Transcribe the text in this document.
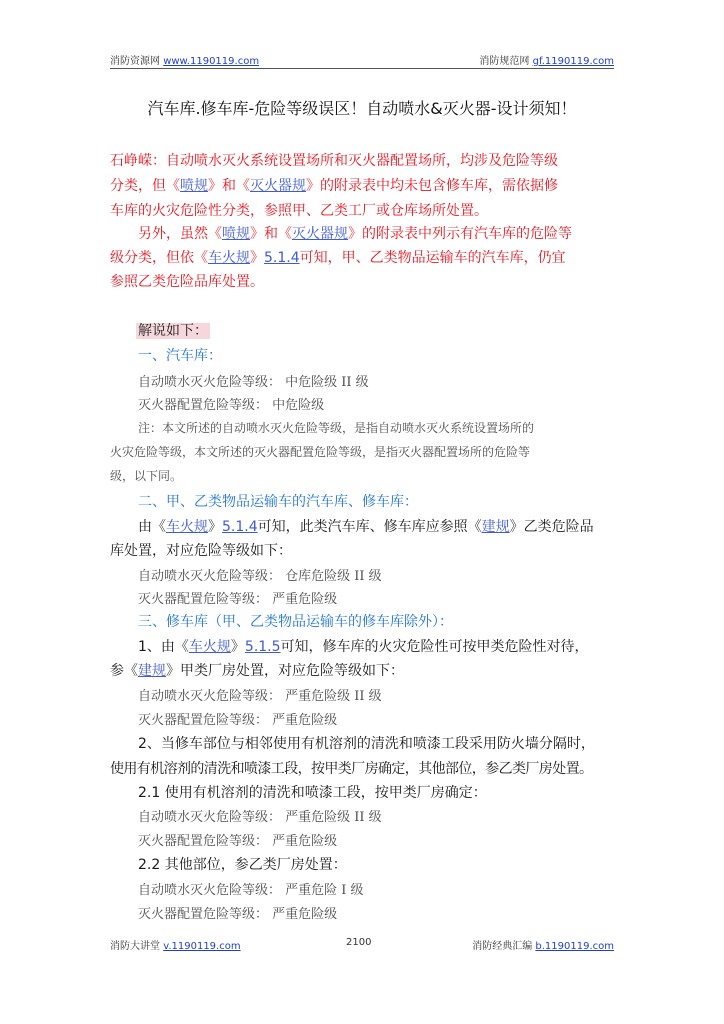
消防资源网 www.1190119.com	消防规范网 gf.1190119.com
汽车库.修车库-危险等级误区！自动喷水&灭火器-设计须知！
石峥嵘：自动喷水灭火系统设置场所和灭火器配置场所，均涉及危险等级
分类，但《喷规》和《灭火器规》的附录表中均未包含修车库，需依据修
车库的火灾危险性分类，参照甲、乙类工厂或仓库场所处置。
另外，虽然《喷规》和《灭火器规》的附录表中列示有汽车库的危险等
级分类，但依《车火规》5.1.4可知，甲、乙类物品运输车的汽车库，仍宜
参照乙类危险品库处置。
解说如下：
一、汽车库：
自动喷水灭火危险等级： 中危险级 II 级
灭火器配置危险等级： 中危险级
注：本文所述的自动喷水灭火危险等级，是指自动喷水灭火系统设置场所的
火灾危险等级，本文所述的灭火器配置危险等级，是指灭火器配置场所的危险等
级，以下同。
二、甲、乙类物品运输车的汽车库、修车库：
由《车火规》5.1.4可知，此类汽车库、修车库应参照《建规》乙类危险品
库处置，对应危险等级如下：
自动喷水灭火危险等级： 仓库危险级 II 级
灭火器配置危险等级： 严重危险级
三、修车库（甲、乙类物品运输车的修车库除外）：
1、由《车火规》5.1.5可知，修车库的火灾危险性可按甲类危险性对待，
参《建规》甲类厂房处置，对应危险等级如下：
自动喷水灭火危险等级： 严重危险级 II 级
灭火器配置危险等级： 严重危险级
2、当修车部位与相邻使用有机溶剂的清洗和喷漆工段采用防火墙分隔时，
使用有机溶剂的清洗和喷漆工段，按甲类厂房确定，其他部位，参乙类厂房处置。
2.1 使用有机溶剂的清洗和喷漆工段，按甲类厂房确定：
自动喷水灭火危险等级： 严重危险级 II 级
灭火器配置危险等级： 严重危险级
2.2 其他部位，参乙类厂房处置：
自动喷水灭火危险等级： 严重危险 I 级
灭火器配置危险等级： 严重危险级
消防大讲堂 v.1190119.com	2100	消防经典汇编 b.1190119.com
